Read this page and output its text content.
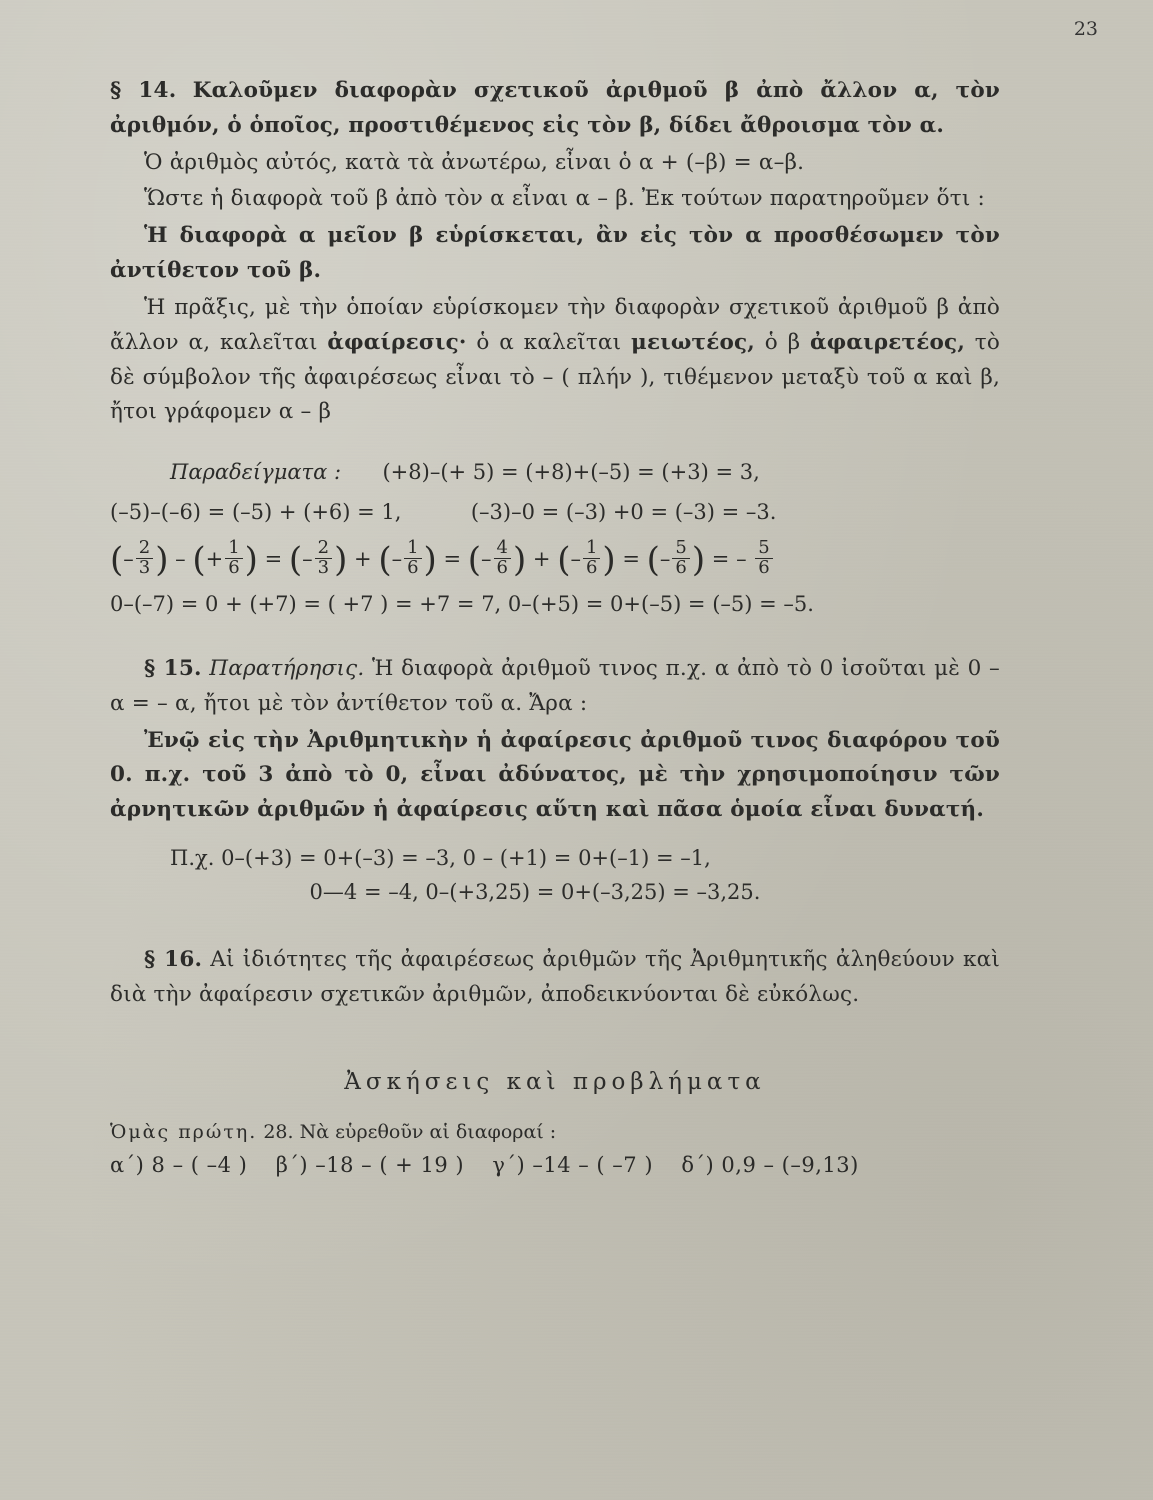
23

§ 14. Καλοῦμεν διαφορὰν σχετικοῦ ἀριθμοῦ β ἀπὸ ἄλλον α, τὸν ἀριθμόν, ὁ ὁποῖος, προστιθέμενος εἰς τὸν β, δίδει ἄθροισμα τὸν α.

Ὁ ἀριθμὸς αὐτός, κατὰ τὰ ἀνωτέρω, εἶναι ὁ α + (–β) = α–β.

Ὥστε ἡ διαφορὰ τοῦ β ἀπὸ τὸν α εἶναι α – β. Ἐκ τούτων παρατηροῦμεν ὅτι :

Ἡ διαφορὰ α μεῖον β εὑρίσκεται, ἂν εἰς τὸν α προσθέσωμεν τὸν ἀντίθετον τοῦ β.

Ἡ πρᾶξις, μὲ τὴν ὁποίαν εὑρίσκομεν τὴν διαφορὰν σχετικοῦ ἀριθμοῦ β ἀπὸ ἄλλον α, καλεῖται ἀφαίρεσις· ὁ α καλεῖται μειωτέος, ὁ β ἀφαιρετέος, τὸ δὲ σύμβολον τῆς ἀφαιρέσεως εἶναι τὸ – ( πλήν ), τιθέμενον μεταξὺ τοῦ α καὶ β, ἤτοι γράφομεν α – β

Παραδείγματα : (+8)–(+ 5) = (+8)+(–5) = (+3) = 3,
(–5)–(–6) = (–5) + (+6) = 1,	(–3)–0 = (–3) +0 = (–3) = –3.
( – $\frac{2}{3}$ ) – ( + $\frac{1}{6}$ ) = ( – $\frac{2}{3}$ ) + ( – $\frac{1}{6}$ ) = ( – $\frac{4}{6}$ ) + ( – $\frac{1}{6}$ ) = ( – $\frac{5}{6}$ ) = – $\frac{5}{6}$
0–(–7) = 0 + (+7) = ( +7 ) = +7 = 7, 0–(+5) = 0+(–5) = (–5) = –5.

§ 15. Παρατήρησις. Ἡ διαφορὰ ἀριθμοῦ τινος π.χ. α ἀπὸ τὸ 0 ἰσοῦται μὲ 0 – α = – α, ἤτοι μὲ τὸν ἀντίθετον τοῦ α. Ἄρα :

Ἐνῷ εἰς τὴν Ἀριθμητικὴν ἡ ἀφαίρεσις ἀριθμοῦ τινος διαφόρου τοῦ 0. π.χ. τοῦ 3 ἀπὸ τὸ 0, εἶναι ἀδύνατος, μὲ τὴν χρησιμοποίησιν τῶν ἀρνητικῶν ἀριθμῶν ἡ ἀφαίρεσις αὕτη καὶ πᾶσα ὁμοία εἶναι δυνατή.

Π.χ. 0–(+3) = 0+(–3) = –3, 0 – (+1) = 0+(–1) = –1,
0—4 = –4, 0–(+3,25) = 0+(–3,25) = –3,25.

§ 16. Αἱ ἰδιότητες τῆς ἀφαιρέσεως ἀριθμῶν τῆς Ἀριθμητικῆς ἀληθεύουν καὶ διὰ τὴν ἀφαίρεσιν σχετικῶν ἀριθμῶν, ἀποδεικνύονται δὲ εὐκόλως.

Ἀσκήσεις καὶ προβλήματα
Ὁμὰς πρώτη. 28. Νὰ εὑρεθοῦν αἱ διαφοραί :
α΄) 8 – ( –4 ) β΄) –18 – ( + 19 ) γ΄) –14 – ( –7 ) δ΄) 0,9 – (–9,13)
